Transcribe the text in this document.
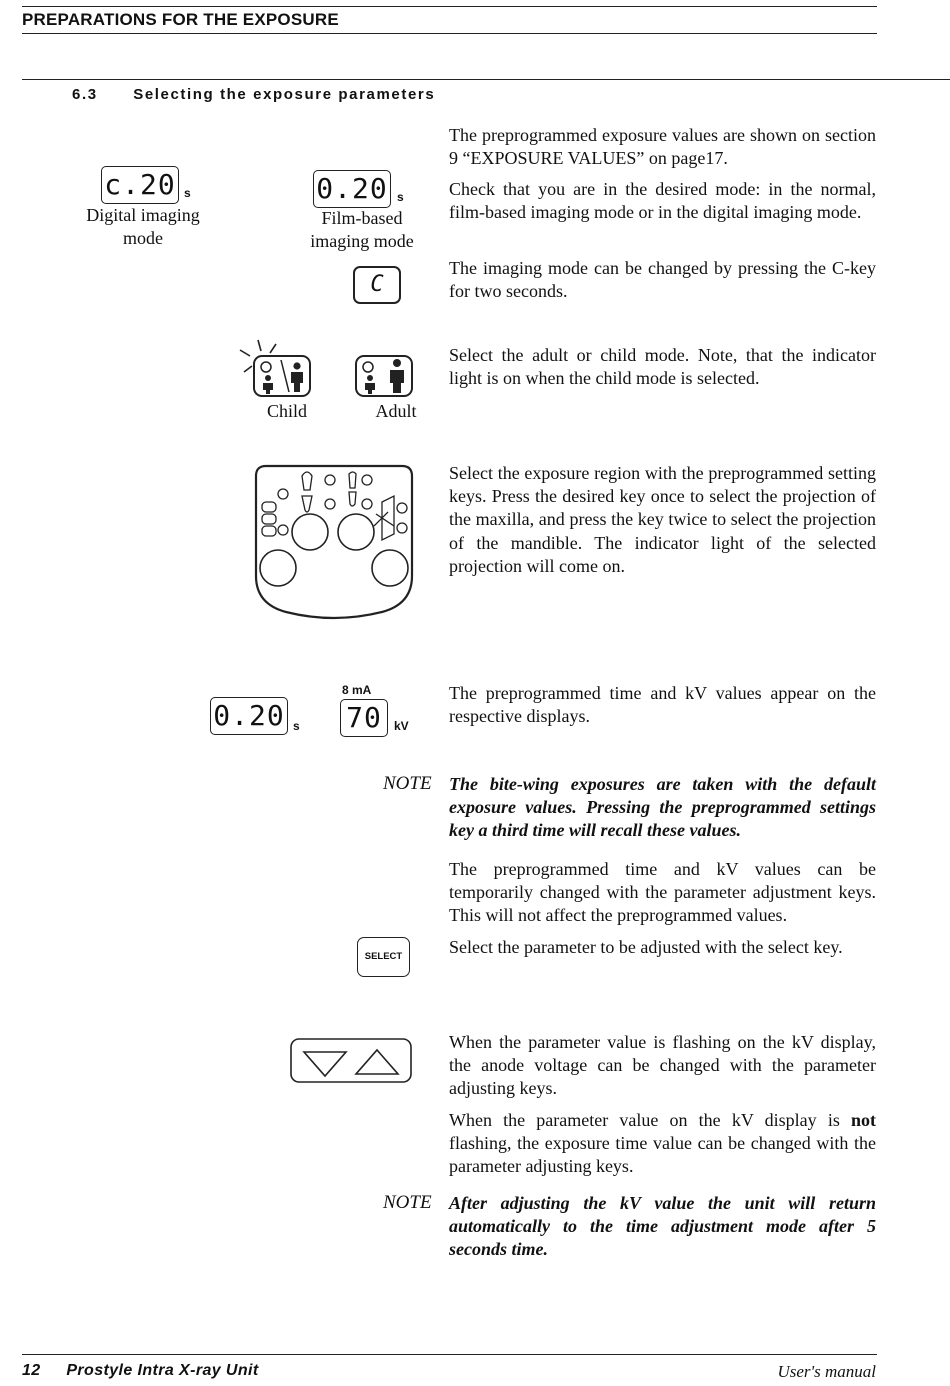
PREPARATIONS FOR THE EXPOSURE
6.3 Selecting the exposure parameters
c.20 s
Digital imaging mode
0.20 s
Film-based imaging mode
C
Child	Adult
0.20 s
8 mA
70	kV
SELECT
The preprogrammed exposure values are shown on section 9 “EXPOSURE VALUES” on page17.
Check that you are in the desired mode: in the normal, film-based imaging mode or in the digital imaging mode.
The imaging mode can be changed by pressing the C-key for two seconds.
Select the adult or child mode. Note, that the indicator light is on when the child mode is selected.
Select the exposure region with the preprogrammed setting keys. Press the desired key once to select the projection of the maxilla, and press the key twice to select the projection of the mandible. The indicator light of the selected projection will come on.
The preprogrammed time and kV values appear on the respective displays.
NOTE The bite-wing exposures are taken with the default exposure values. Pressing the preprogrammed settings key a third time will recall these values.
The preprogrammed time and kV values can be temporarily changed with the parameter adjustment keys. This will not affect the preprogrammed values.
Select the parameter to be adjusted with the select key.
When the parameter value is flashing on the kV display, the anode voltage can be changed with the parameter adjusting keys.
When the parameter value on the kV display is not flashing, the exposure time value can be changed with the parameter adjusting keys.
NOTE After adjusting the kV value the unit will return automatically to the time adjustment mode after 5 seconds time.
12 Prostyle Intra X-ray Unit	User's manual
